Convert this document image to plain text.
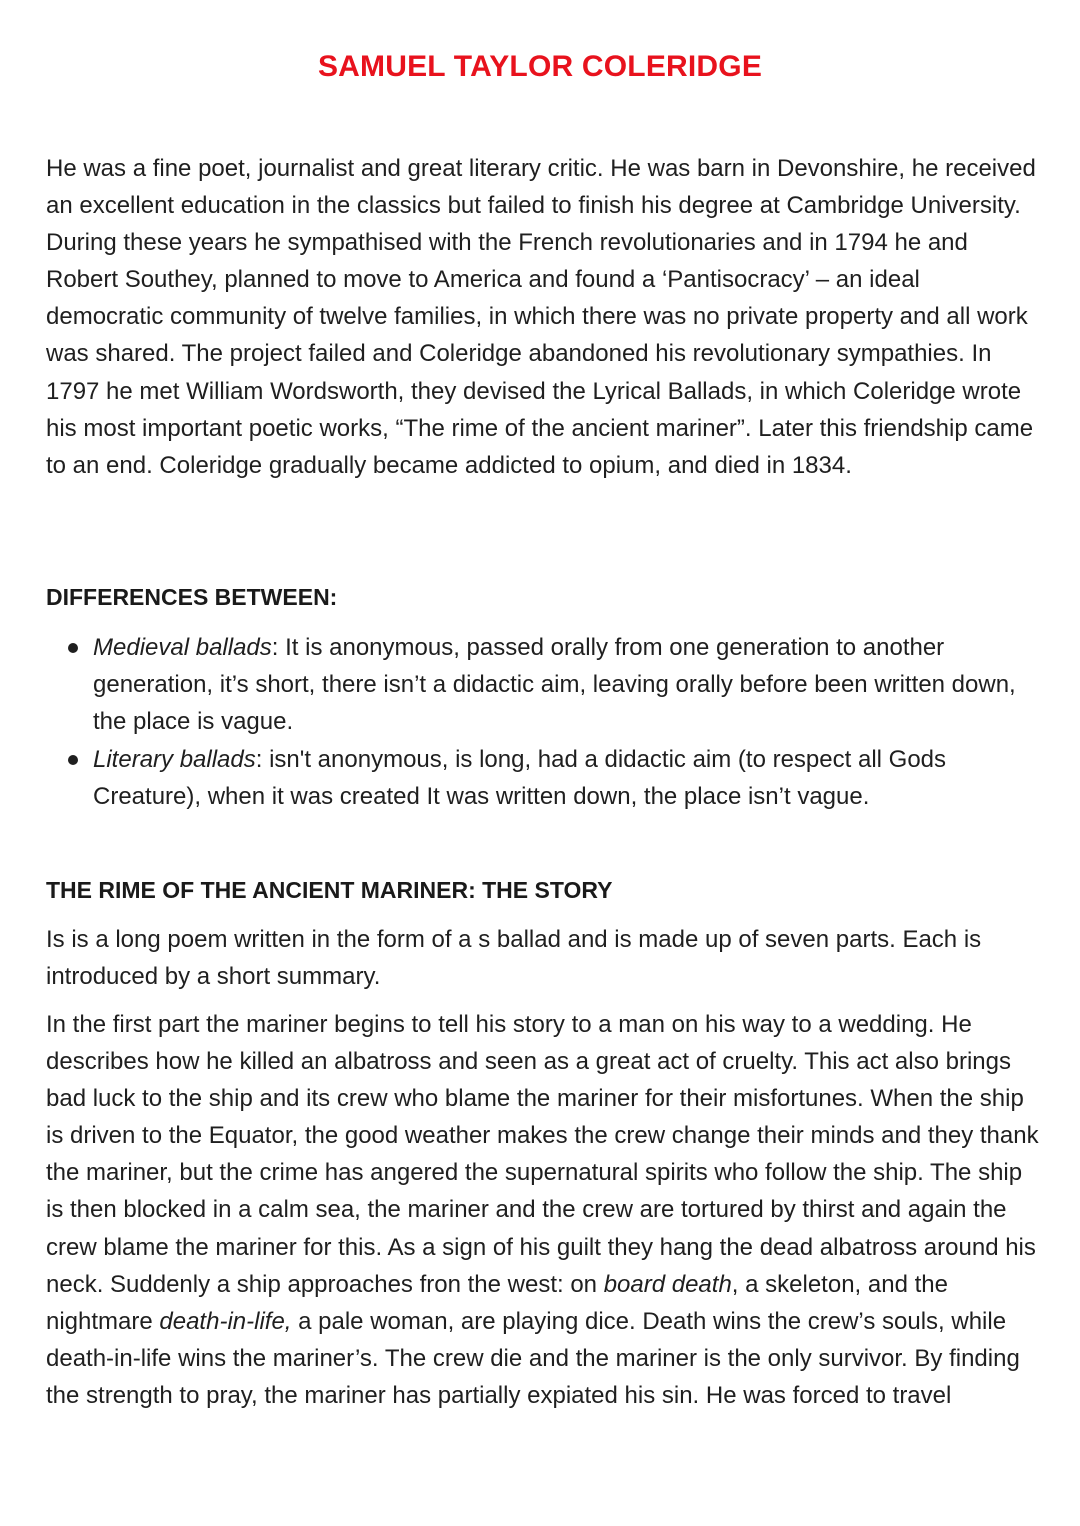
SAMUEL TAYLOR COLERIDGE

He was a fine poet, journalist and great literary critic. He was barn in Devonshire, he received an excellent education in the classics but failed to finish his degree at Cambridge University. During these years he sympathised with the French revolutionaries and in 1794 he and Robert Southey, planned to move to America and found a ‘Pantisocracy’ – an ideal democratic community of twelve families, in which there was no private property and all work was shared. The project failed and Coleridge abandoned his revolutionary sympathies. In 1797 he met William Wordsworth, they devised the Lyrical Ballads, in which Coleridge wrote his most important poetic works, “The rime of the ancient mariner”. Later this friendship came to an end. Coleridge gradually became addicted to opium, and died in 1834.

DIFFERENCES BETWEEN:
Medieval ballads: It is anonymous, passed orally from one generation to another generation, it’s short, there isn’t a didactic aim, leaving orally before been written down, the place is vague.
Literary ballads: isn't anonymous, is long, had a didactic aim (to respect all Gods Creature), when it was created It was written down, the place isn’t vague.
THE RIME OF THE ANCIENT MARINER: THE STORY

Is is a long poem written in the form of a s ballad and is made up of seven parts. Each is introduced by a short summary.

In the first part the mariner begins to tell his story to a man on his way to a wedding. He describes how he killed an albatross and seen as a great act of cruelty. This act also brings bad luck to the ship and its crew who blame the mariner for their misfortunes. When the ship is driven to the Equator, the good weather makes the crew change their minds and they thank the mariner, but the crime has angered the supernatural spirits who follow the ship. The ship is then blocked in a calm sea, the mariner and the crew are tortured by thirst and again the crew blame the mariner for this. As a sign of his guilt they hang the dead albatross around his neck. Suddenly a ship approaches fron the west: on board death, a skeleton, and the nightmare death-in-life, a pale woman, are playing dice. Death wins the crew’s souls, while death-in-life wins the mariner’s. The crew die and the mariner is the only survivor. By finding the strength to pray, the mariner has partially expiated his sin. He was forced to travel
